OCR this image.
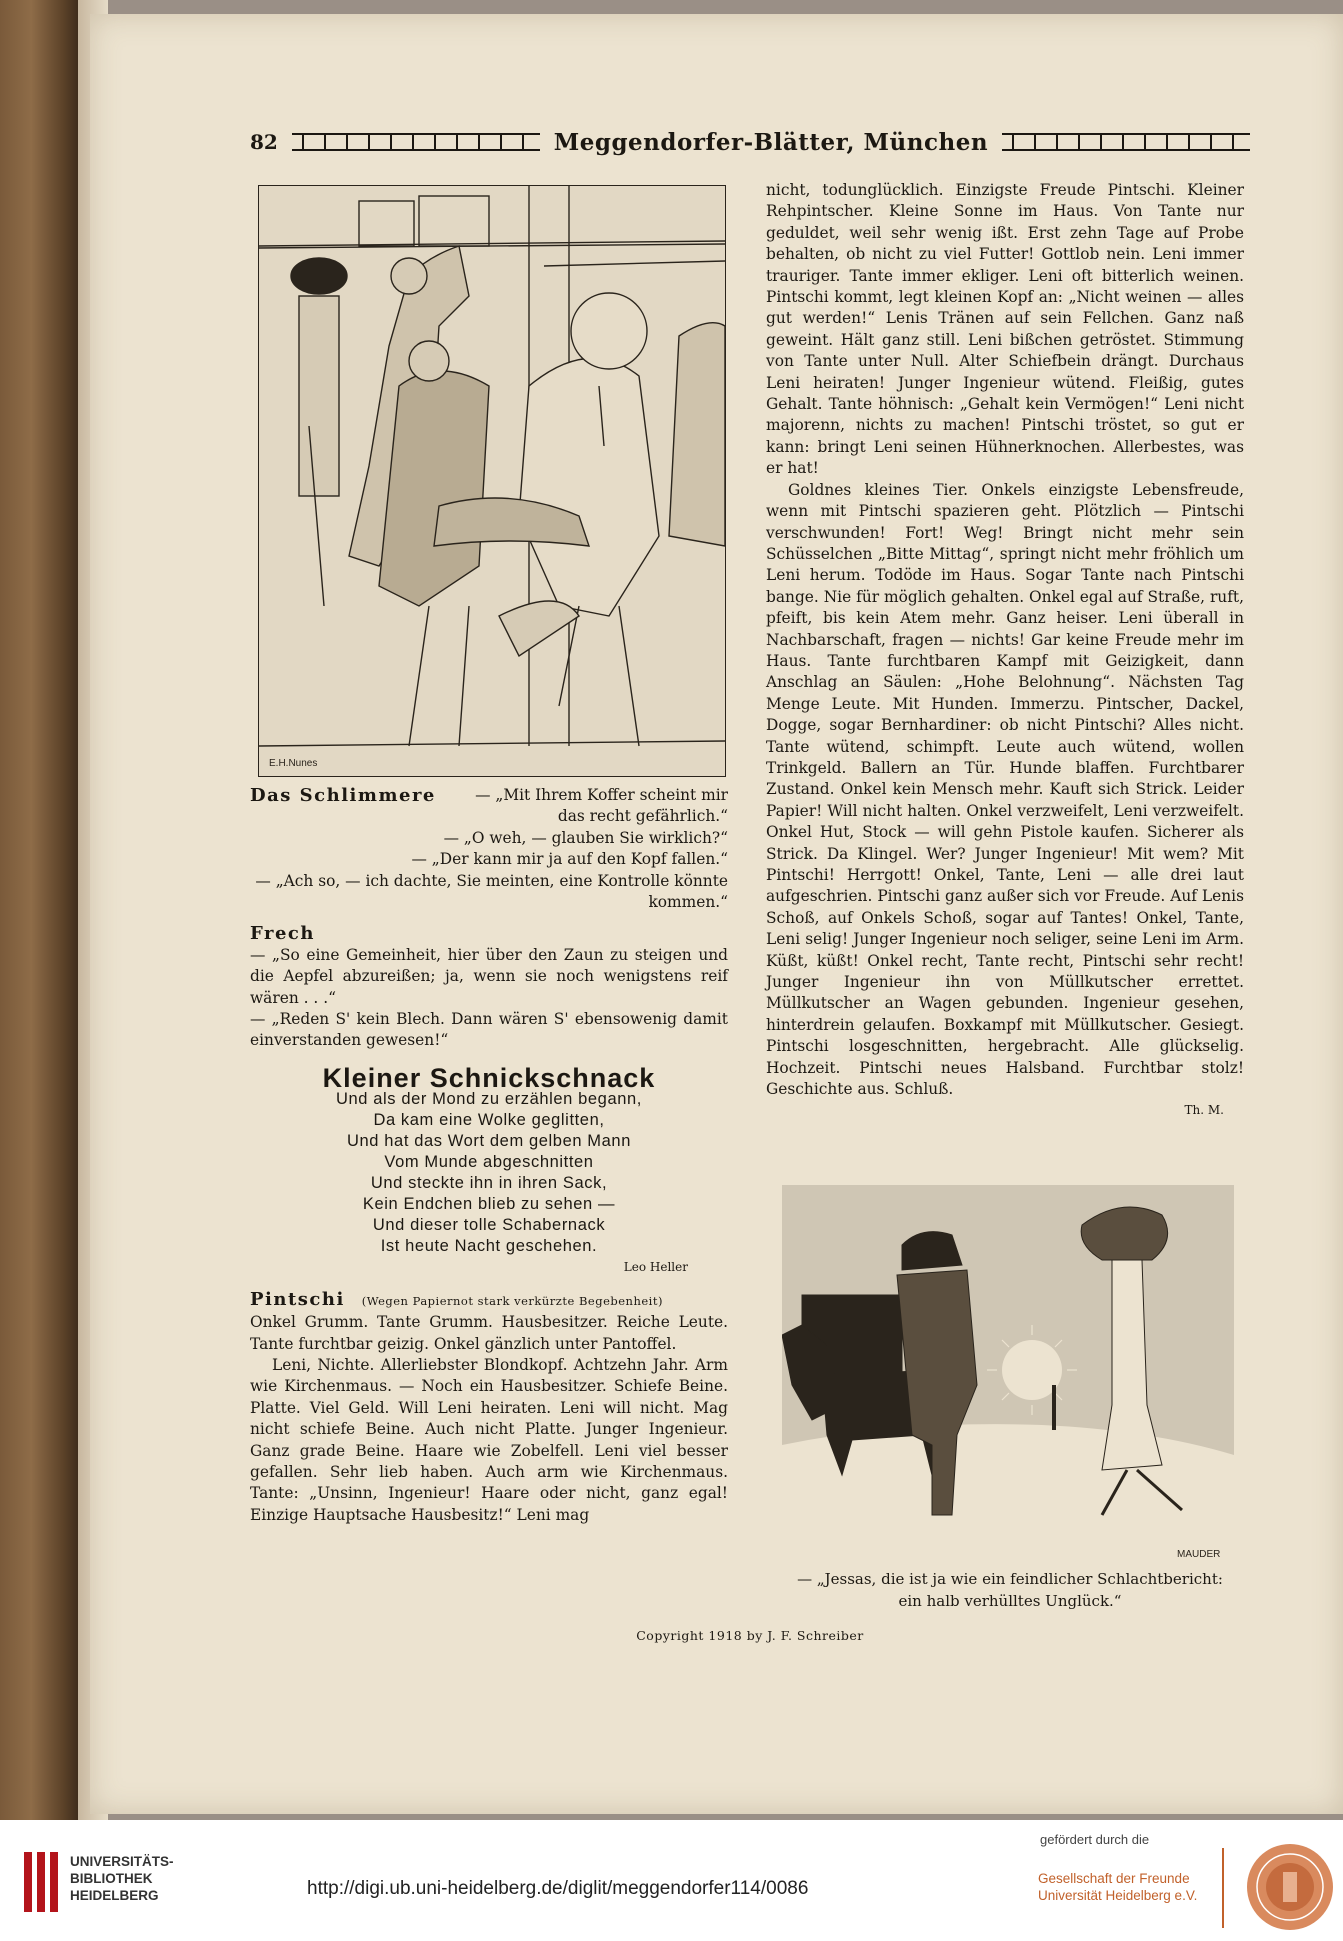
82	Meggendorfer-Blätter, München
E.H.Nunes
Das Schlimmere	— „Mit Ihrem Koffer scheint mir das recht gefährlich.“

— „O weh, — glauben Sie wirklich?“

— „Der kann mir ja auf den Kopf fallen.“

— „Ach so, — ich dachte, Sie meinten, eine Kontrolle könnte kommen.“

Frech

— „So eine Gemeinheit, hier über den Zaun zu steigen und die Aepfel abzureißen; ja, wenn sie noch wenigstens reif wären . . .“

— „Reden S' kein Blech. Dann wären S' ebensowenig damit einverstanden gewesen!“

Kleiner Schnickschnack
Und als der Mond zu erzählen begann,
Da kam eine Wolke geglitten,
Und hat das Wort dem gelben Mann
Vom Munde abgeschnitten
Und steckte ihn in ihren Sack,
Kein Endchen blieb zu sehen —
Und dieser tolle Schabernack
Ist heute Nacht geschehen.
Leo Heller
Pintschi (Wegen Papiernot stark verkürzte Begebenheit)

Onkel Grumm. Tante Grumm. Hausbesitzer. Reiche Leute. Tante furchtbar geizig. Onkel gänzlich unter Pantoffel.

Leni, Nichte. Allerliebster Blondkopf. Achtzehn Jahr. Arm wie Kirchenmaus. — Noch ein Hausbesitzer. Schiefe Beine. Platte. Viel Geld. Will Leni heiraten. Leni will nicht. Mag nicht schiefe Beine. Auch nicht Platte. Junger Ingenieur. Ganz grade Beine. Haare wie Zobelfell. Leni viel besser gefallen. Sehr lieb haben. Auch arm wie Kirchenmaus. Tante: „Unsinn, Ingenieur! Haare oder nicht, ganz egal! Einzige Hauptsache Hausbesitz!“ Leni mag

nicht, todunglücklich. Einzigste Freude Pintschi. Kleiner Rehpintscher. Kleine Sonne im Haus. Von Tante nur geduldet, weil sehr wenig ißt. Erst zehn Tage auf Probe behalten, ob nicht zu viel Futter! Gottlob nein. Leni immer trauriger. Tante immer ekliger. Leni oft bitterlich weinen. Pintschi kommt, legt kleinen Kopf an: „Nicht weinen — alles gut werden!“ Lenis Tränen auf sein Fellchen. Ganz naß geweint. Hält ganz still. Leni bißchen getröstet. Stimmung von Tante unter Null. Alter Schiefbein drängt. Durchaus Leni heiraten! Junger Ingenieur wütend. Fleißig, gutes Gehalt. Tante höhnisch: „Gehalt kein Vermögen!“ Leni nicht majorenn, nichts zu machen! Pintschi tröstet, so gut er kann: bringt Leni seinen Hühnerknochen. Allerbestes, was er hat!

Goldnes kleines Tier. Onkels einzigste Lebensfreude, wenn mit Pintschi spazieren geht. Plötzlich — Pintschi verschwunden! Fort! Weg! Bringt nicht mehr sein Schüsselchen „Bitte Mittag“, springt nicht mehr fröhlich um Leni herum. Todöde im Haus. Sogar Tante nach Pintschi bange. Nie für möglich gehalten. Onkel egal auf Straße, ruft, pfeift, bis kein Atem mehr. Ganz heiser. Leni überall in Nachbarschaft, fragen — nichts! Gar keine Freude mehr im Haus. Tante furchtbaren Kampf mit Geizigkeit, dann Anschlag an Säulen: „Hohe Belohnung“. Nächsten Tag Menge Leute. Mit Hunden. Immerzu. Pintscher, Dackel, Dogge, sogar Bernhardiner: ob nicht Pintschi? Alles nicht. Tante wütend, schimpft. Leute auch wütend, wollen Trinkgeld. Ballern an Tür. Hunde blaffen. Furchtbarer Zustand. Onkel kein Mensch mehr. Kauft sich Strick. Leider Papier! Will nicht halten. Onkel verzweifelt, Leni verzweifelt. Onkel Hut, Stock — will gehn Pistole kaufen. Sicherer als Strick. Da Klingel. Wer? Junger Ingenieur! Mit wem? Mit Pintschi! Herrgott! Onkel, Tante, Leni — alle drei laut aufgeschrien. Pintschi ganz außer sich vor Freude. Auf Lenis Schoß, auf Onkels Schoß, sogar auf Tantes! Onkel, Tante, Leni selig! Junger Ingenieur noch seliger, seine Leni im Arm. Küßt, küßt! Onkel recht, Tante recht, Pintschi sehr recht! Junger Ingenieur ihn von Müllkutscher errettet. Müllkutscher an Wagen gebunden. Ingenieur gesehen, hinterdrein gelaufen. Boxkampf mit Müllkutscher. Gesiegt. Pintschi losgeschnitten, hergebracht. Alle glückselig. Hochzeit. Pintschi neues Halsband. Furchtbar stolz! Geschichte aus. Schluß.

Th. M.
MAUDER
— „Jessas, die ist ja wie ein feindlicher Schlachtbericht: ein halb verhülltes Unglück.“
Copyright 1918 by J. F. Schreiber
UNIVERSITÄTS-
BIBLIOTHEK
HEIDELBERG	http://digi.ub.uni-heidelberg.de/diglit/meggendorfer114/0086
gefördert durch die
Gesellschaft der Freunde
Universität Heidelberg e.V.
